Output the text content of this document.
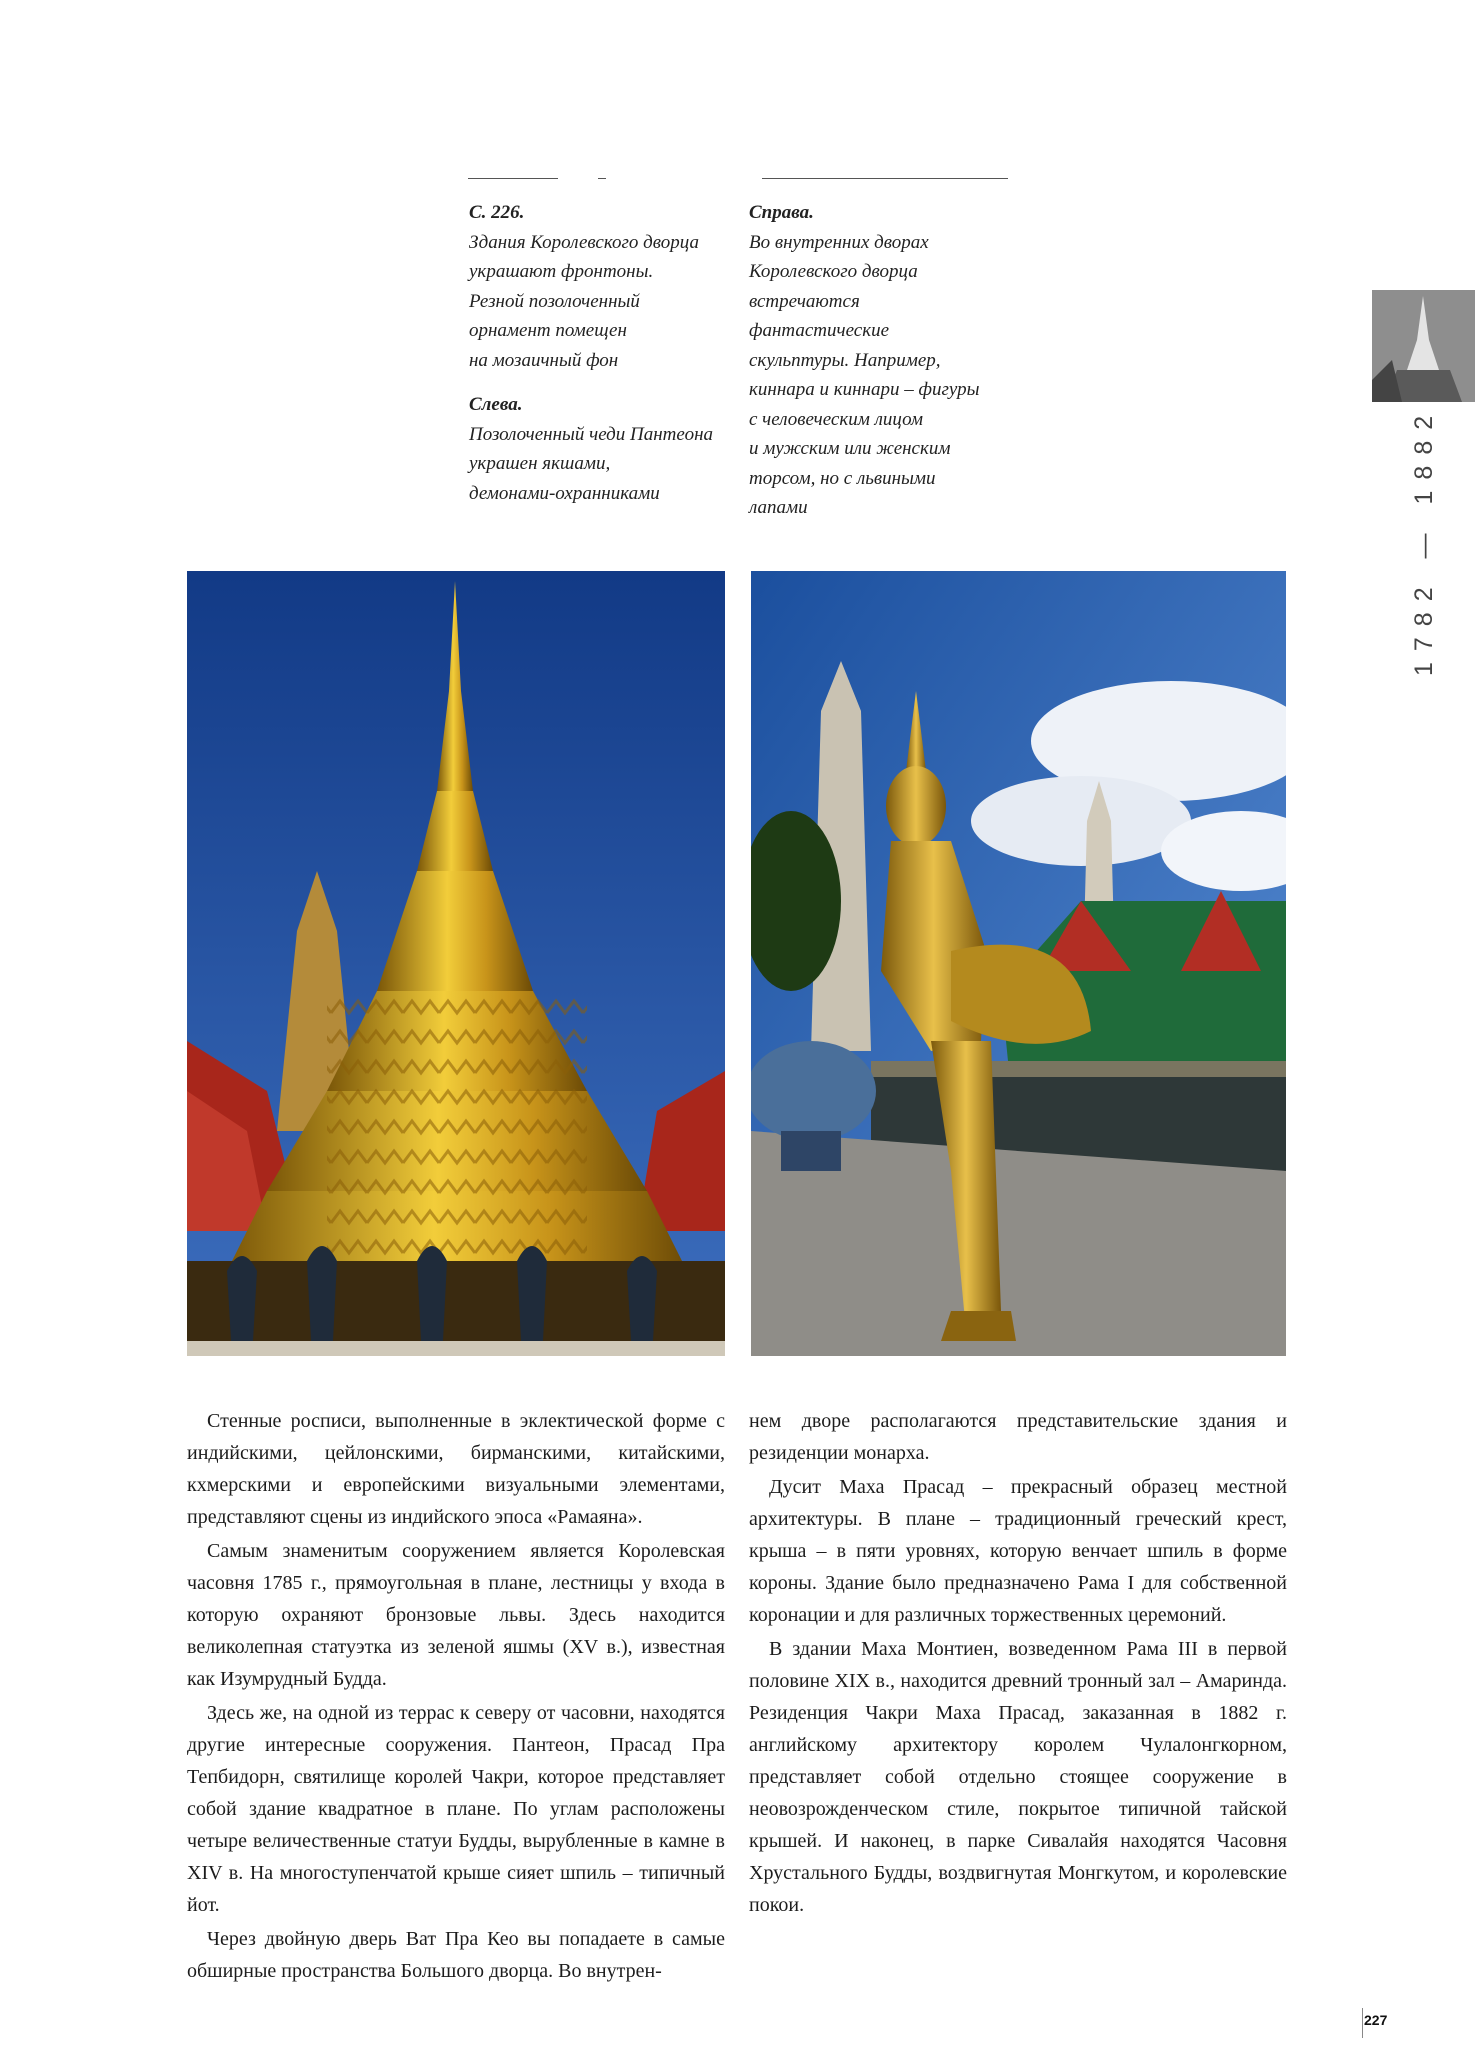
С. 226.
Здания Королевского дворца
украшают фронтоны.
Резной позолоченный
орнамент помещен
на мозаичный фон
Слева.
Позолоченный чеди Пантеона
украшен якшами,
демонами-охранниками
Справа.
Во внутренних дворах
Королевского дворца
встречаются
фантастические
скульптуры. Например,
киннара и киннари – фигуры
с человеческим лицом
и мужским или женским
торсом, но с львиными
лапами

Стенные росписи, выполненные в эклектической форме с индийскими, цейлонскими, бирманскими, китайскими, кхмерскими и европейскими визуальными элементами, представляют сцены из индийского эпоса «Рамаяна».

Самым знаменитым сооружением является Королевская часовня 1785 г., прямоугольная в плане, лестницы у входа в которую охраняют бронзовые львы. Здесь находится великолепная статуэтка из зеленой яшмы (XV в.), известная как Изумрудный Будда.

Здесь же, на одной из террас к северу от часовни, находятся другие интересные сооружения. Пантеон, Прасад Пра Тепбидорн, святилище королей Чакри, которое представляет собой здание квадратное в плане. По углам расположены четыре величественные статуи Будды, вырубленные в камне в XIV в. На многоступенчатой крыше сияет шпиль – типичный йот.

Через двойную дверь Ват Пра Кео вы попадаете в самые обширные пространства Большого дворца. Во внутрен-

нем дворе располагаются представительские здания и резиденции монарха.

Дусит Маха Прасад – прекрасный образец местной архитектуры. В плане – традиционный греческий крест, крыша – в пяти уровнях, которую венчает шпиль в форме короны. Здание было предназначено Рама I для собственной коронации и для различных торжественных церемоний.

В здании Маха Монтиен, возведенном Рама III в первой половине XIX в., находится древний тронный зал – Амаринда. Резиденция Чакри Маха Прасад, заказанная в 1882 г. английскому архитектору королем Чулалонгкорном, представляет собой отдельно стоящее сооружение в неовозрожденческом стиле, покрытое типичной тайской крышей. И наконец, в парке Сивалайя находятся Часовня Хрустального Будды, воздвигнутая Монгкутом, и королевские покои.

1782 — 1882
227
